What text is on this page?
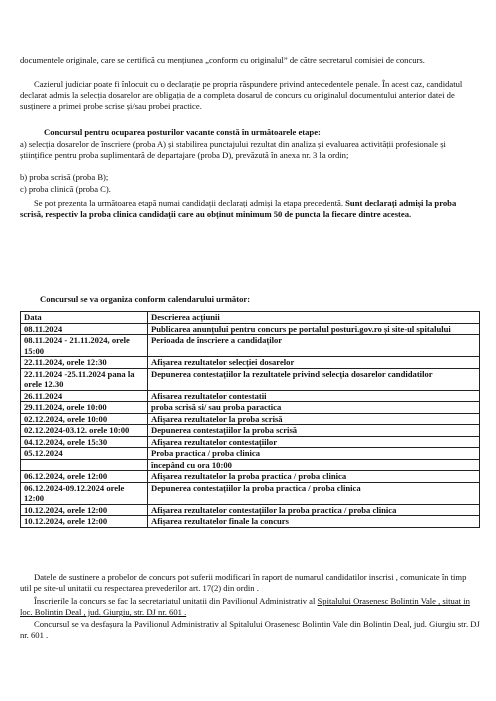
documentele originale, care se certifică cu mențiunea „conform cu originalul” de către secretarul comisiei de concurs.

Cazierul judiciar poate fi înlocuit cu o declarație pe propria răspundere privind antecedentele penale. În acest caz, candidatul declarat admis la selecția dosarelor are obligația de a completa dosarul de concurs cu originalul documentului anterior datei de susținere a primei probe scrise și/sau probei practice.

Concursul pentru ocuparea posturilor vacante constă în următoarele etape:

a) selecția dosarelor de înscriere (proba A) și stabilirea punctajului rezultat din analiza și evaluarea activității profesionale și științifice pentru proba suplimentară de departajare (proba D), prevăzută în anexa nr. 3 la ordin;

b) proba scrisă (proba B);

c) proba clinică (proba C).

Se pot prezenta la următoarea etapă numai candidații declarați admiși la etapa precedentă. Sunt declarați admiși la proba scrisă, respectiv la proba clinica candidații care au obținut minimum 50 de puncta la fiecare dintre acestea.

Concursul se va organiza conform calendarului următor:

Data	Descrierea acțiunii
08.11.2024	Publicarea anunțului pentru concurs pe portalul posturi.gov.ro și site-ul spitalului
08.11.2024 - 21.11.2024, orele 15:00	Perioada de înscriere a candidaților
22.11.2024, orele 12:30	Afișarea rezultatelor selecției dosarelor
22.11.2024 -25.11.2024 pana la orele 12.30	Depunerea contestațiilor la rezultatele privind selecția dosarelor candidatilor
26.11.2024	Afisarea rezultatelor contestatii
29.11.2024, orele 10:00	proba scrisă si/ sau proba paractica
02.12.2024, orele 10:00	Afișarea rezultatelor la proba scrisă
02.12.2024-03.12. orele 10:00	Depunerea contestațiilor la proba scrisă
04.12.2024, orele 15:30	Afișarea rezultatelor contestațiilor
05.12.2024	Proba practica / proba clinica
	începând cu ora 10:00
06.12.2024, orele 12:00	Afișarea rezultatelor la proba practica / proba clinica
06.12.2024-09.12.2024 orele 12:00	Depunerea contestațiilor la proba practica / proba clinica
10.12.2024, orele 12:00	Afișarea rezultatelor contestațiilor la proba practica / proba clinica
10.12.2024, orele 12:00	Afișarea rezultatelor finale la concurs

Datele de sustinere a probelor de concurs pot suferii modificari în raport de numarul candidatilor inscrisi , comunicate în timp util pe site-ul unitatii cu respectarea prevederilor art. 17(2) din ordin .

Înscrierile la concurs se fac la secretariatul unitatii din Pavilionul Administrativ al Spitalului Orasenesc Bolintin Vale , situat in loc. Bolintin Deal , jud. Giurgiu, str. DJ nr. 601 .

Concursul se va desfașura la Pavilionul Administrativ al Spitalului Orasenesc Bolintin Vale din Bolintin Deal, jud. Giurgiu str. DJ nr. 601 .
